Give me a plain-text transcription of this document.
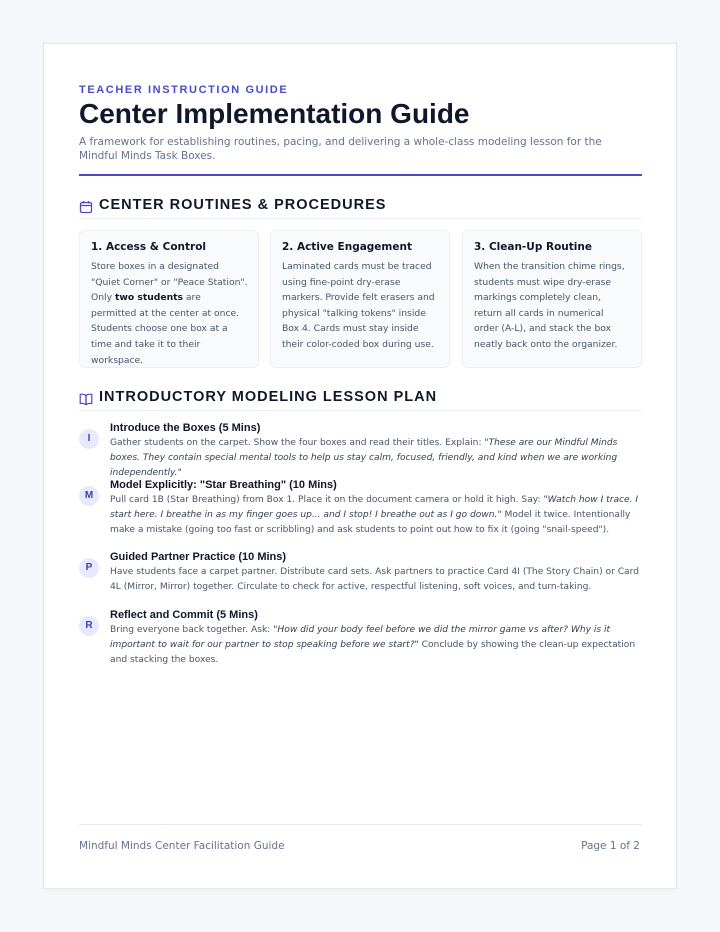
TEACHER INSTRUCTION GUIDE
Center Implementation Guide

A framework for establishing routines, pacing, and delivering a whole-class modeling lesson for the Mindful Minds Task Boxes.

CENTER ROUTINES & PROCEDURES

1. Access & Control

Store boxes in a designated "Quiet Corner" or "Peace Station". Only two students are permitted at the center at once. Students choose one box at a time and take it to their workspace.

2. Active Engagement

Laminated cards must be traced using fine-point dry-erase markers. Provide felt erasers and physical "talking tokens" inside Box 4. Cards must stay inside their color-coded box during use.

3. Clean-Up Routine

When the transition chime rings, students must wipe dry-erase markings completely clean, return all cards in numerical order (A-L), and stack the box neatly back onto the organizer.

INTRODUCTORY MODELING LESSON PLAN
I
Introduce the Boxes (5 Mins)
Gather students on the carpet. Show the four boxes and read their titles. Explain: "These are our Mindful Minds boxes. They contain special mental tools to help us stay calm, focused, friendly, and kind when we are working independently."
M
Model Explicitly: "Star Breathing" (10 Mins)
Pull card 1B (Star Breathing) from Box 1. Place it on the document camera or hold it high. Say: "Watch how I trace. I start here. I breathe in as my finger goes up... and I stop! I breathe out as I go down." Model it twice. Intentionally make a mistake (going too fast or scribbling) and ask students to point out how to fix it (going "snail-speed").
P
Guided Partner Practice (10 Mins)
Have students face a carpet partner. Distribute card sets. Ask partners to practice Card 4I (The Story Chain) or Card 4L (Mirror, Mirror) together. Circulate to check for active, respectful listening, soft voices, and turn-taking.
R
Reflect and Commit (5 Mins)
Bring everyone back together. Ask: "How did your body feel before we did the mirror game vs after? Why is it important to wait for our partner to stop speaking before we start?" Conclude by showing the clean-up expectation and stacking the boxes.
Mindful Minds Center Facilitation Guide	Page 1 of 2
